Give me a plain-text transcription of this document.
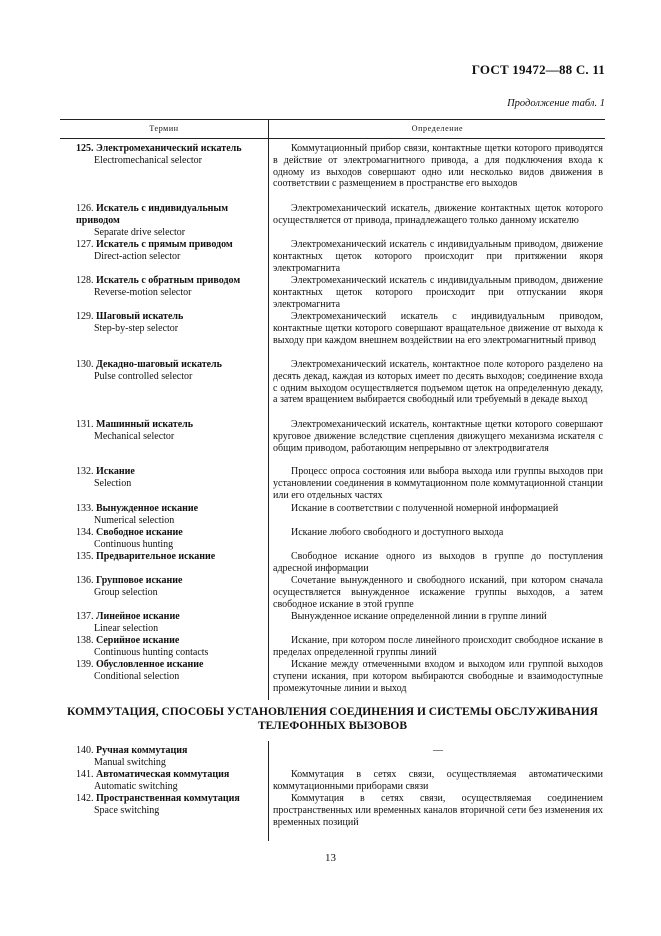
ГОСТ 19472—88 С. 11
Продолжение табл. 1
Термин	Определение
125. Электромеханический искатель
Electromechanical selector

Коммутационный прибор связи, контактные щетки которого приводятся в действие от электромагнитного привода, а для подключения входа к одному из выходов совершают одно или несколько видов движения в соответствии с размещением в пространстве его выходов

126. Искатель с индивидуальным приводом
Separate drive selector

Электромеханический искатель, движение контактных щеток которого осуществляется от привода, принадлежащего только данному искателю

127. Искатель с прямым приводом
Direct-action selector

Электромеханический искатель с индивидуальным приводом, движение контактных щеток которого происходит при притяжении якоря электромагнита

128. Искатель с обратным приводом
Reverse-motion selector

Электромеханический искатель с индивидуальным приводом, движение контактных щеток которого происходит при отпускании якоря электромагнита

129. Шаговый искатель
Step-by-step selector

Электромеханический искатель с индивидуальным приводом, контактные щетки которого совершают вращательное движение от выхода к выходу при каждом внешнем воздействии на его электромагнитный привод

130. Декадно-шаговый искатель
Pulse controlled selector

Электромеханический искатель, контактное поле которого разделено на десять декад, каждая из которых имеет по десять выходов; соединение входа с одним выходом осуществляется подъемом щеток на определенную декаду, а затем вращением выбирается свободный или требуемый в декаде выход

131. Машинный искатель
Mechanical selector

Электромеханический искатель, контактные щетки которого совершают круговое движение вследствие сцепления движущего механизма искателя с общим приводом, работающим непрерывно от электродвигателя

132. Искание
Selection

Процесс опроса состояния или выбора выхода или группы выходов при установлении соединения в коммутационном поле коммутационной станции или его отдельных частях

133. Вынужденное искание
Numerical selection

Искание в соответствии с полученной номерной информацией

134. Свободное искание
Continuous hunting

Искание любого свободного и доступного выхода

135. Предварительное искание	Свободное искание одного из выходов в группе до поступления адресной информации

136. Групповое искание
Group selection

Сочетание вынужденного и свободного исканий, при котором сначала осуществляется вынужденное искажение группы выходов, а затем свободное искание в этой группе

137. Линейное искание
Linear selection

Вынужденное искание определенной линии в группе линий

138. Серийное искание
Continuous hunting contacts

Искание, при котором после линейного происходит свободное искание в пределах определенной группы линий

139. Обусловленное искание
Conditional selection

Искание между отмеченными входом и выходом или группой выходов ступени искания, при котором выбираются свободные и взаимодоступные промежуточные линии и выход

КОММУТАЦИЯ, СПОСОБЫ УСТАНОВЛЕНИЯ СОЕДИНЕНИЯ И СИСТЕМЫ ОБСЛУЖИВАНИЯ ТЕЛЕФОННЫХ ВЫЗОВОВ
140. Ручная коммутация
Manual switching

—

141. Автоматическая коммутация
Automatic switching

Коммутация в сетях связи, осуществляемая автоматическими коммутационными приборами связи

142. Пространственная коммутация
Space switching

Коммутация в сетях связи, осуществляемая соединением пространственных или временных каналов вторичной сети без изменения их временных позиций

13
